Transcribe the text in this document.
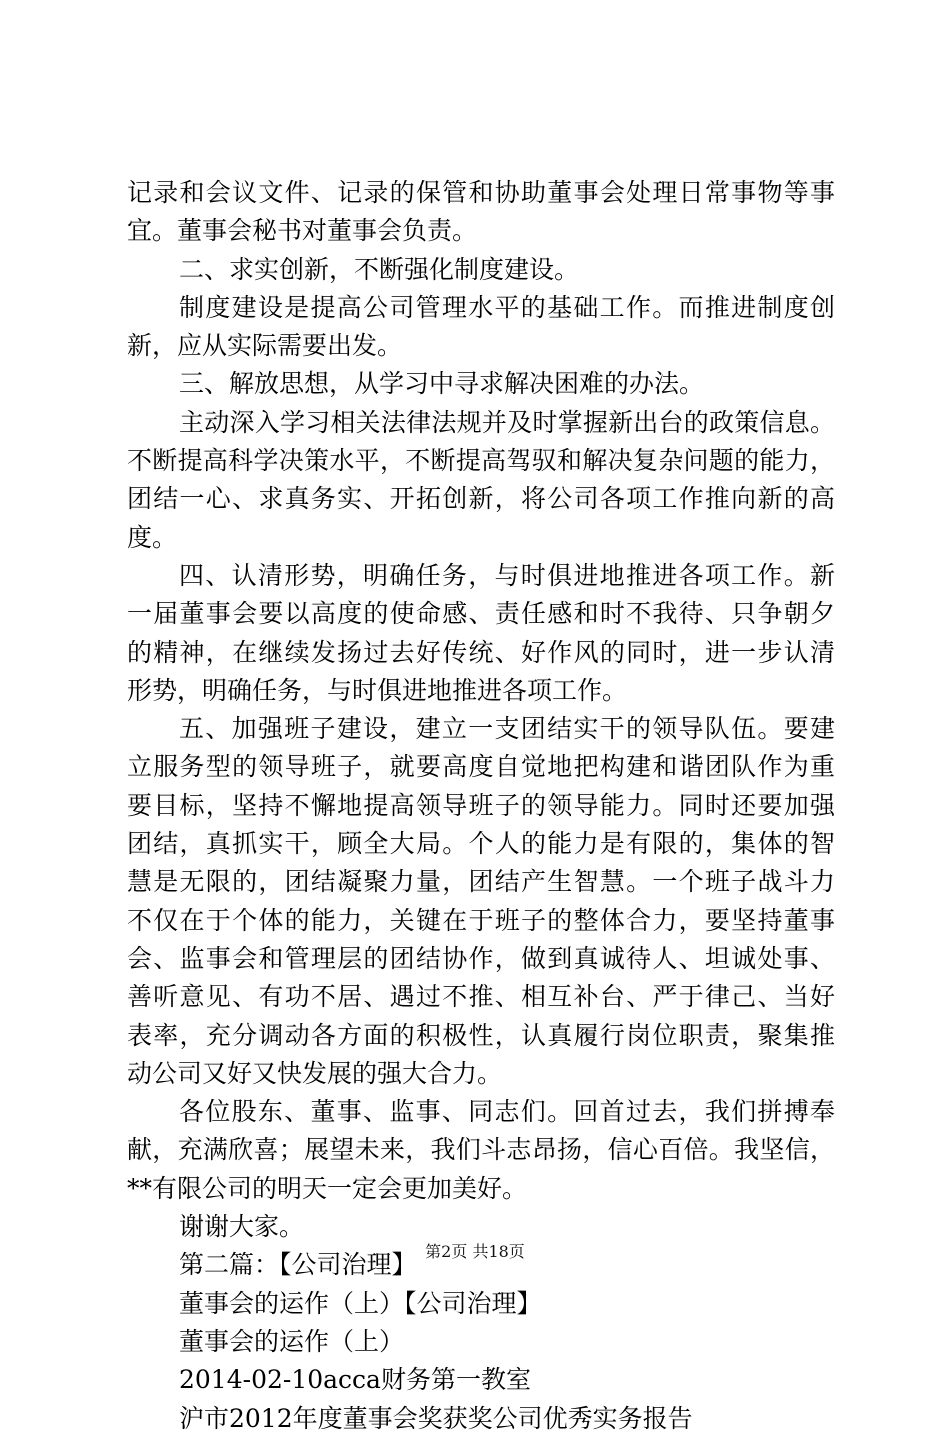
记录和会议文件、记录的保管和协助董事会处理日常事物等事
宜。董事会秘书对董事会负责。
二、求实创新，不断强化制度建设。
制度建设是提高公司管理水平的基础工作。而推进制度创
新，应从实际需要出发。
三、解放思想，从学习中寻求解决困难的办法。
主动深入学习相关法律法规并及时掌握新出台的政策信息。
不断提高科学决策水平，不断提高驾驭和解决复杂问题的能力，
团结一心、求真务实、开拓创新，将公司各项工作推向新的高
度。
四、认清形势，明确任务，与时俱进地推进各项工作。新
一届董事会要以高度的使命感、责任感和时不我待、只争朝夕
的精神，在继续发扬过去好传统、好作风的同时，进一步认清
形势，明确任务，与时俱进地推进各项工作。
五、加强班子建设，建立一支团结实干的领导队伍。要建
立服务型的领导班子，就要高度自觉地把构建和谐团队作为重
要目标，坚持不懈地提高领导班子的领导能力。同时还要加强
团结，真抓实干，顾全大局。个人的能力是有限的，集体的智
慧是无限的，团结凝聚力量，团结产生智慧。一个班子战斗力
不仅在于个体的能力，关键在于班子的整体合力，要坚持董事
会、监事会和管理层的团结协作，做到真诚待人、坦诚处事、
善听意见、有功不居、遇过不推、相互补台、严于律己、当好
表率，充分调动各方面的积极性，认真履行岗位职责，聚集推
动公司又好又快发展的强大合力。
各位股东、董事、监事、同志们。回首过去，我们拼搏奉
献，充满欣喜；展望未来，我们斗志昂扬，信心百倍。我坚信，
**有限公司的明天一定会更加美好。
谢谢大家。
第二篇：【公司治理】
董事会的运作（上）【公司治理】
董事会的运作（上）
2014-02-10acca财务第一教室
沪市2012年度董事会奖获奖公司优秀实务报告
第2页 共18页
